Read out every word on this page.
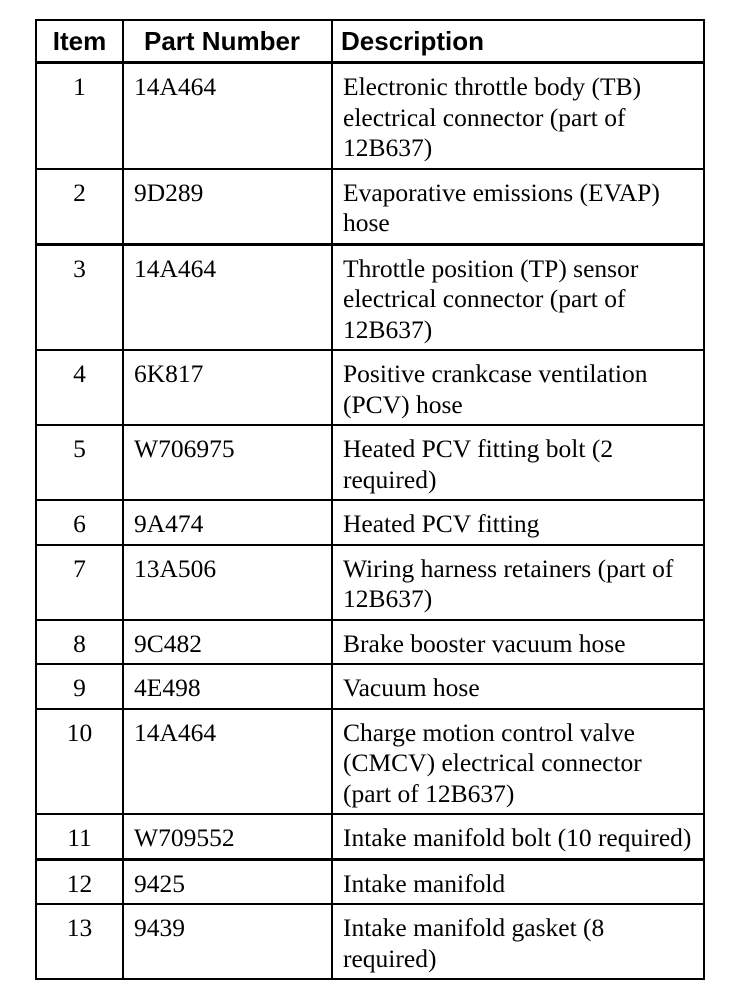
Item	Part Number	Description
1	14A464	Electronic throttle body (TB) electrical connector (part of 12B637)
2	9D289	Evaporative emissions (EVAP) hose
3	14A464	Throttle position (TP) sensor electrical connector (part of 12B637)
4	6K817	Positive crankcase ventilation (PCV) hose
5	W706975	Heated PCV fitting bolt (2 required)
6	9A474	Heated PCV fitting
7	13A506	Wiring harness retainers (part of 12B637)
8	9C482	Brake booster vacuum hose
9	4E498	Vacuum hose
10	14A464	Charge motion control valve (CMCV) electrical connector (part of 12B637)
11	W709552	Intake manifold bolt (10 required)
12	9425	Intake manifold
13	9439	Intake manifold gasket (8 required)
